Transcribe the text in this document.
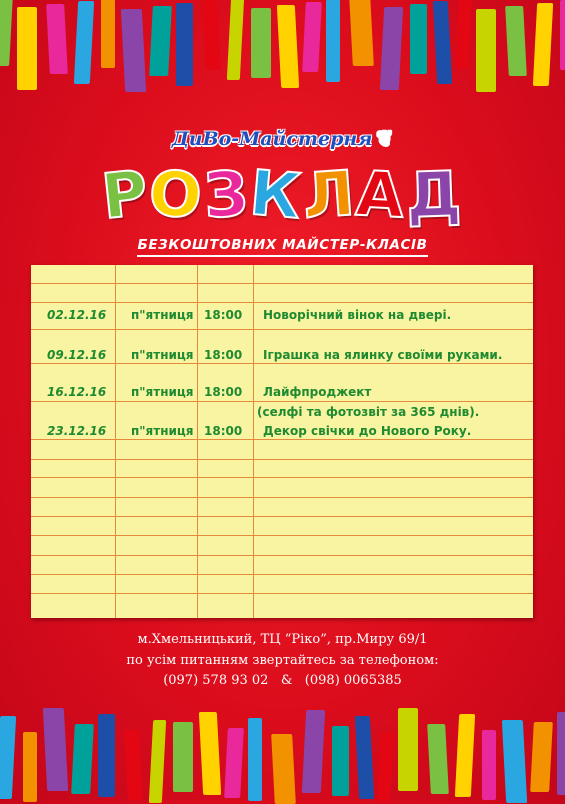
ДиВо-Майстерня ❦
РОЗКЛАД
БЕЗКОШТОВНИХ МАЙСТЕР-КЛАСІВ
02.12.16 п"ятниця 18:00 Новорічний вінок на двері.
09.12.16 п"ятниця 18:00 Іграшка на ялинку своїми руками.
16.12.16 п"ятниця 18:00 Лайфпроджект
(селфі та фотозвіт за 365 днів).
23.12.16 п"ятниця 18:00 Декор свічки до Нового Року.
м.Хмельницький, ТЦ “Ріко”, пр.Миру 69/1
по усім питанням звертайтесь за телефоном:
(097) 578 93 02   &   (098) 0065385
